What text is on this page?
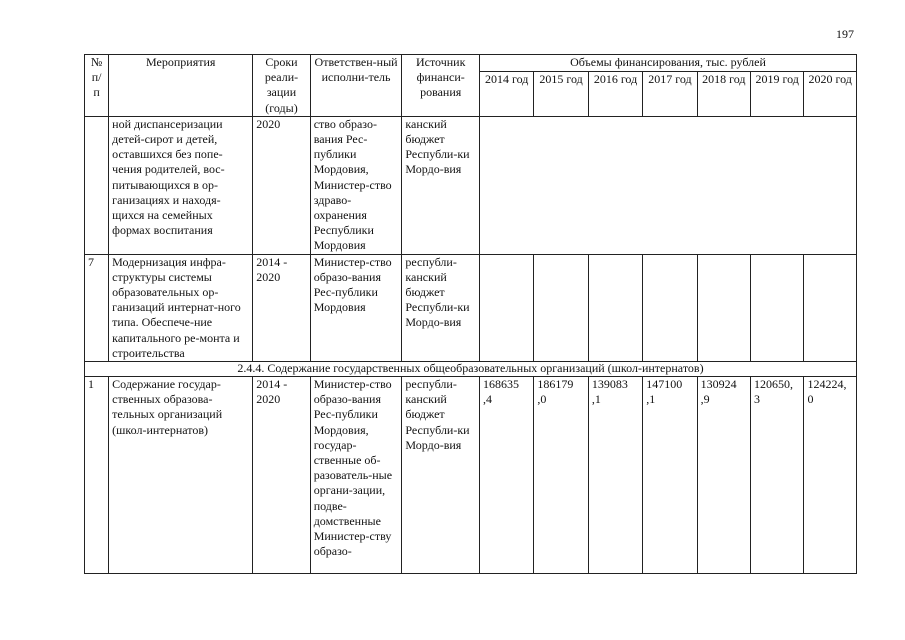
197
№ п/ п	Мероприятия	Сроки реали-зации (годы)	Ответствен-ный исполни-тель	Источник финанси-рования	Объемы финансирования, тыс. рублей						
					2014 год	2015 год	2016 год	2017 год	2018 год	2019 год	2020 год
	ной диспансеризации детей-сирот и детей, оставшихся без попе-чения родителей, вос-питывающихся в ор-ганизациях и находя-щихся на семейных формах воспитания	2020	ство образо-вания Рес-публики Мордовия, Министер-ство здраво-охранения Республики Мордовия	канский бюджет Республи-ки Мордо-вия							
7	Модернизация инфра-структуры системы образовательных ор-ганизаций интернат-ного типа. Обеспече-ние капитального ре-монта и строительства	2014 - 2020	Министер-ство образо-вания Рес-публики Мордовия	республи-канский бюджет Республи-ки Мордо-вия							
2.4.4. Содержание государственных общеобразовательных организаций (школ-интернатов)											
1	Содержание государ-ственных образова-тельных организаций (школ-интернатов)	2014 - 2020	Министер-ство образо-вания Рес-публики Мордовия, государ-ственные об-разователь-ные органи-зации, подве-домственные Министер-ству образо-	республи-канский бюджет Республи-ки Мордо-вия	168635 ,4	186179 ,0	139083 ,1	147100 ,1	130924 ,9	120650, 3	124224, 0
